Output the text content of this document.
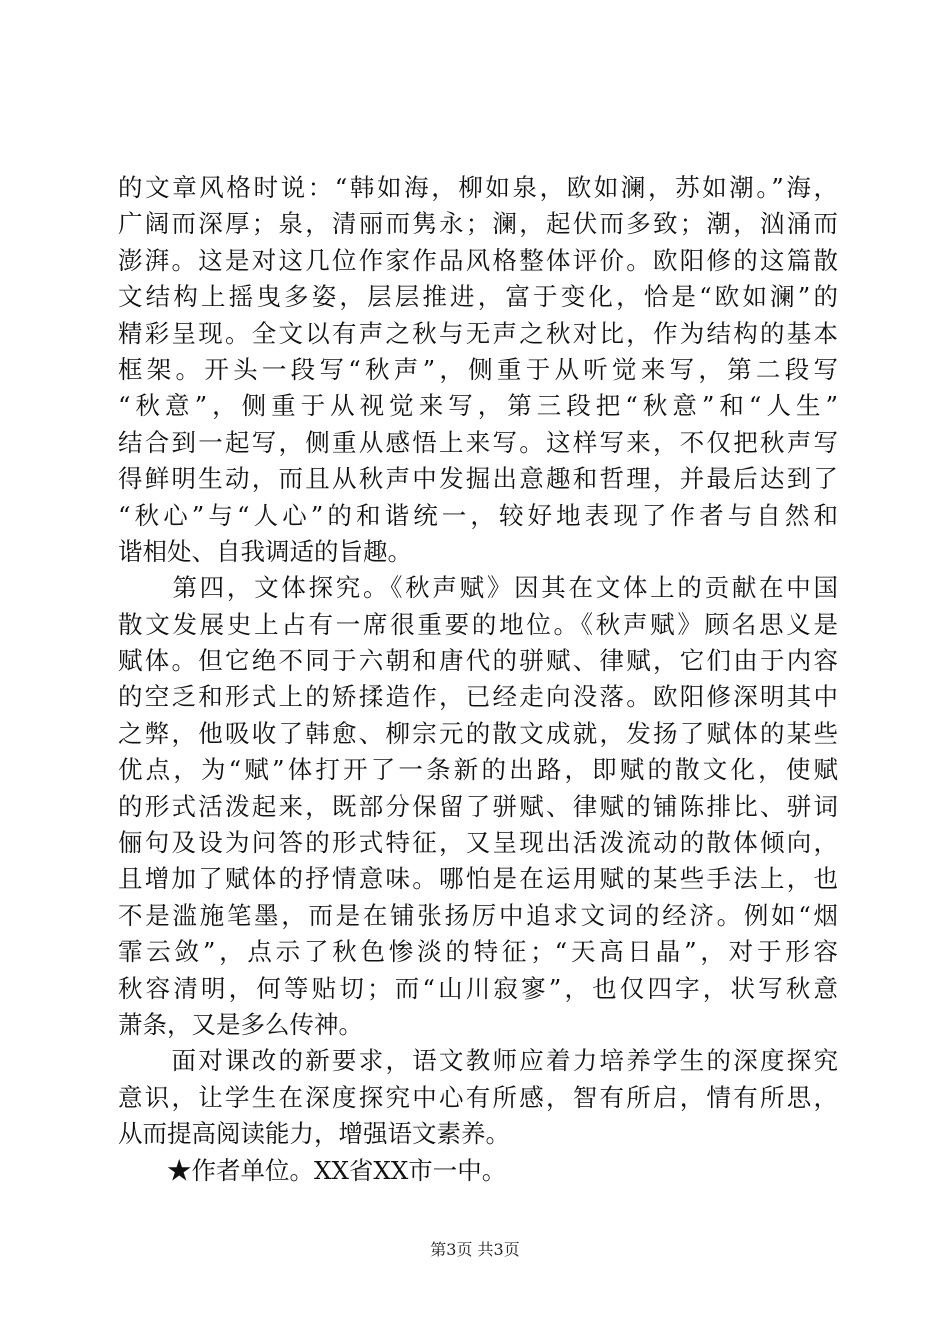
的文章风格时说：“韩如海，柳如泉，欧如澜，苏如潮。”海，
广阔而深厚；泉，清丽而隽永；澜，起伏而多致；潮，汹涌而
澎湃。这是对这几位作家作品风格整体评价。欧阳修的这篇散
文结构上摇曳多姿，层层推进，富于变化，恰是“欧如澜”的
精彩呈现。全文以有声之秋与无声之秋对比，作为结构的基本
框架。开头一段写“秋声”，侧重于从听觉来写，第二段写
“秋意”，侧重于从视觉来写，第三段把“秋意”和“人生”
结合到一起写，侧重从感悟上来写。这样写来，不仅把秋声写
得鲜明生动，而且从秋声中发掘出意趣和哲理，并最后达到了
“秋心”与“人心”的和谐统一，较好地表现了作者与自然和
谐相处、自我调适的旨趣。
　　第四，文体探究。《秋声赋》因其在文体上的贡献在中国
散文发展史上占有一席很重要的地位。《秋声赋》顾名思义是
赋体。但它绝不同于六朝和唐代的骈赋、律赋，它们由于内容
的空乏和形式上的矫揉造作，已经走向没落。欧阳修深明其中
之弊，他吸收了韩愈、柳宗元的散文成就，发扬了赋体的某些
优点，为“赋”体打开了一条新的出路，即赋的散文化，使赋
的形式活泼起来，既部分保留了骈赋、律赋的铺陈排比、骈词
俪句及设为问答的形式特征，又呈现出活泼流动的散体倾向，
且增加了赋体的抒情意味。哪怕是在运用赋的某些手法上，也
不是滥施笔墨，而是在铺张扬厉中追求文词的经济。例如“烟
霏云敛”，点示了秋色惨淡的特征；“天高日晶”，对于形容
秋容清明，何等贴切；而“山川寂寥”，也仅四字，状写秋意
萧条，又是多么传神。
　　面对课改的新要求，语文教师应着力培养学生的深度探究
意识，让学生在深度探究中心有所感，智有所启，情有所思，
从而提高阅读能力，增强语文素养。
　　★作者单位。XX省XX市一中。
第3页 共3页
